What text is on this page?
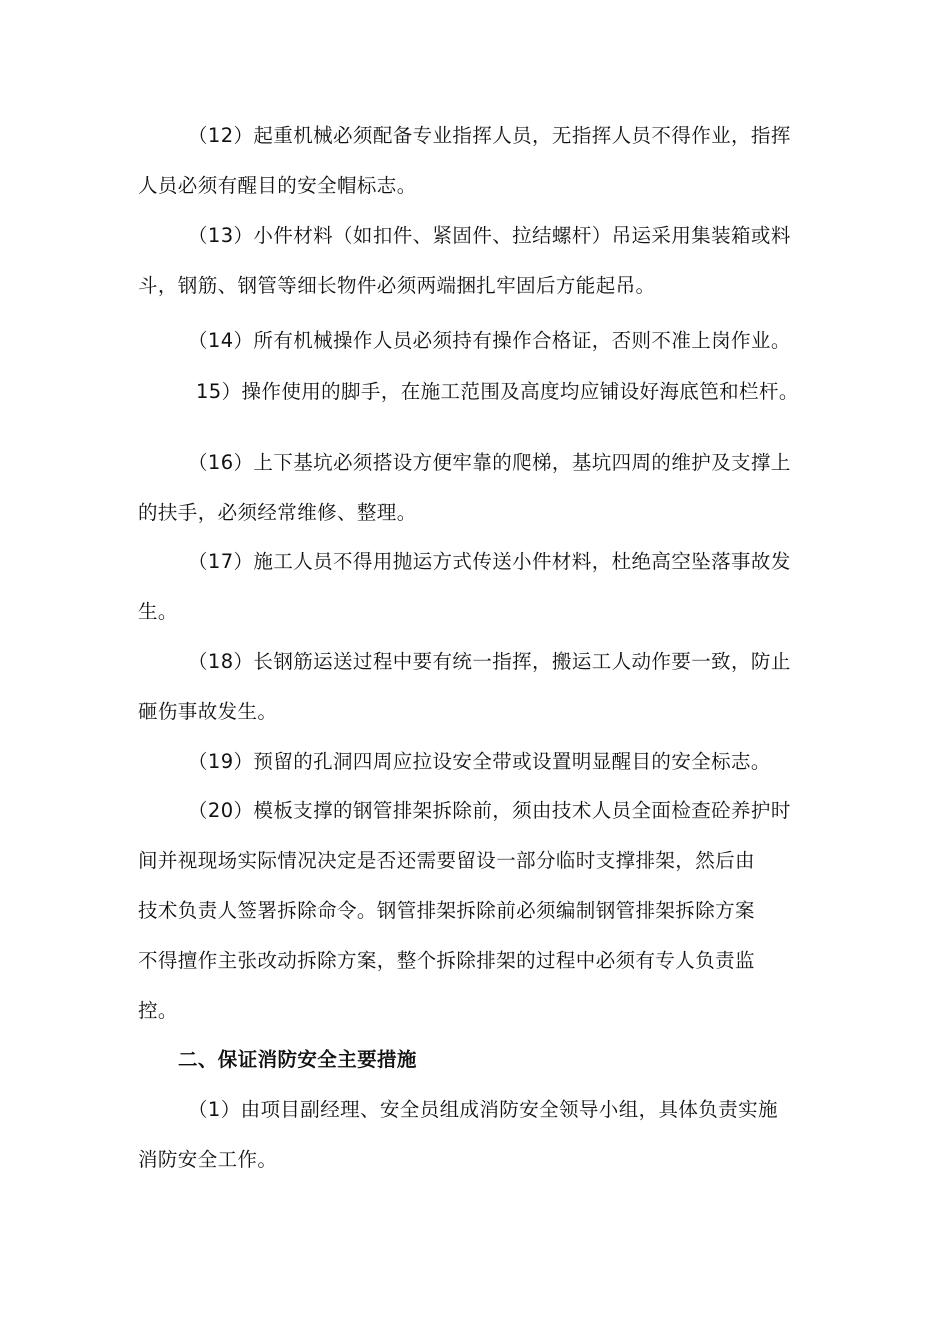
（12）起重机械必须配备专业指挥人员，无指挥人员不得作业，指挥
人员必须有醒目的安全帽标志。
（13）小件材料（如扣件、紧固件、拉结螺杆）吊运采用集装箱或料
斗，钢筋、钢管等细长物件必须两端捆扎牢固后方能起吊。
（14）所有机械操作人员必须持有操作合格证，否则不准上岗作业。
15）操作使用的脚手，在施工范围及高度均应铺设好海底笆和栏杆。
（16）上下基坑必须搭设方便牢靠的爬梯，基坑四周的维护及支撑上
的扶手，必须经常维修、整理。
（17）施工人员不得用抛运方式传送小件材料，杜绝高空坠落事故发
生。
（18）长钢筋运送过程中要有统一指挥，搬运工人动作要一致，防止
砸伤事故发生。
（19）预留的孔洞四周应拉设安全带或设置明显醒目的安全标志。
（20）模板支撑的钢管排架拆除前，须由技术人员全面检查砼养护时
间并视现场实际情况决定是否还需要留设一部分临时支撑排架，然后由
技术负责人签署拆除命令。钢管排架拆除前必须编制钢管排架拆除方案
不得擅作主张改动拆除方案，整个拆除排架的过程中必须有专人负责监
控。
二、保证消防安全主要措施
（1）由项目副经理、安全员组成消防安全领导小组，具体负责实施
消防安全工作。
